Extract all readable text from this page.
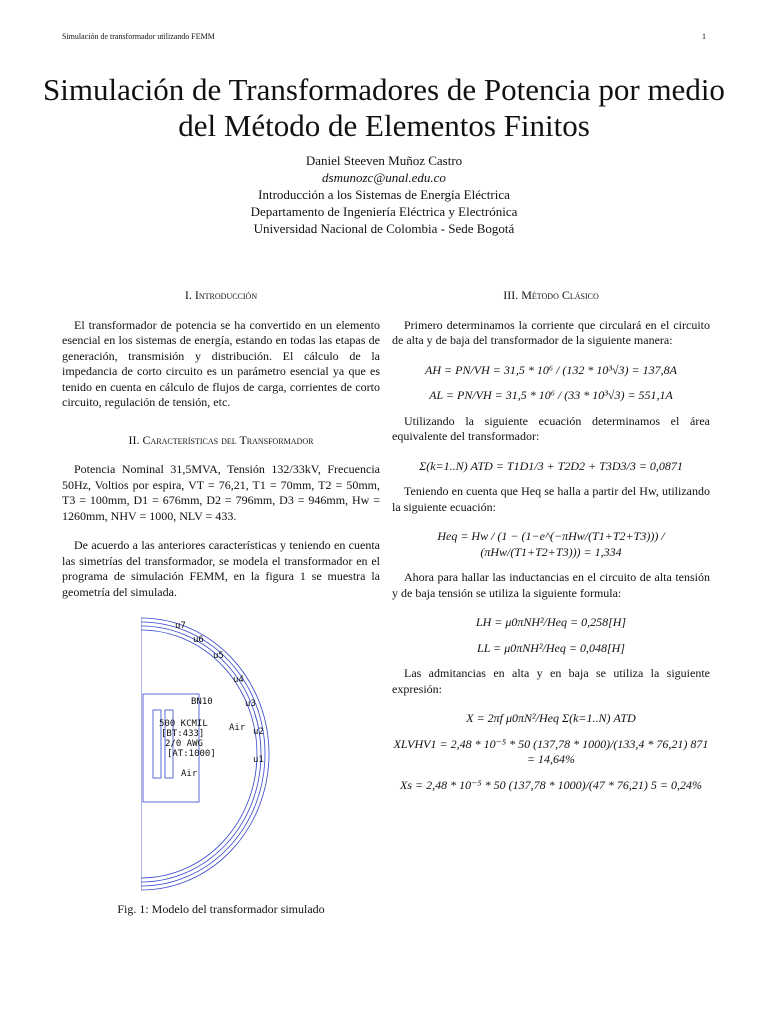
Simulación de transformador utilizando FEMM	1
Simulación de Transformadores de Potencia por medio del Método de Elementos Finitos
Daniel Steeven Muñoz Castro
dsmunozc@unal.edu.co
Introducción a los Sistemas de Energía Eléctrica
Departamento de Ingeniería Eléctrica y Electrónica
Universidad Nacional de Colombia - Sede Bogotá
I. Introducción

El transformador de potencia se ha convertido en un elemento esencial en los sistemas de energía, estando en todas las etapas de generación, transmisión y distribución. El cálculo de la impedancia de corto circuito es un parámetro esencial ya que es tenido en cuenta en cálculo de flujos de carga, corrientes de corto circuito, regulación de tensión, etc.

II. Características del Transformador

Potencia Nominal 31,5MVA, Tensión 132/33kV, Frecuencia 50Hz, Voltios por espira, VT = 76,21, T1 = 70mm, T2 = 50mm, T3 = 100mm, D1 = 676mm, D2 = 796mm, D3 = 946mm, Hw = 1260mm, NHV = 1000, NLV = 433.

De acuerdo a las anteriores características y teniendo en cuenta las simetrías del transformador, se modela el transformador en el programa de simulación FEMM, en la figura 1 se muestra la geometría del simulada.

u7
u6
u5
u4
u3
u2
u1
BN10
500 KCMIL
[BT:433]
2/0 AWG
[AT:1000]
Air
Air
Fig. 1: Modelo del transformador simulado
III. Método Clásico

Primero determinamos la corriente que circulará en el circuito de alta y de baja del transformador de la siguiente manera:

AH = PN/VH = 31,5 * 10⁶ / (132 * 10³√3) = 137,8A
AL = PN/VH = 31,5 * 10⁶ / (33 * 10³√3) = 551,1A

Utilizando la siguiente ecuación determinamos el área equivalente del transformador:

Σ(k=1..N) ATD = T1D1/3 + T2D2 + T3D3/3 = 0,0871

Teniendo en cuenta que Heq se halla a partir del Hw, utilizando la siguiente ecuación:

Heq = Hw / (1 − (1−e^(−πHw/(T1+T2+T3))) / (πHw/(T1+T2+T3))) = 1,334

Ahora para hallar las inductancias en el circuito de alta tensión y de baja tensión se utiliza la siguiente formula:

LH = μ0πNH²/Heq = 0,258[H]
LL = μ0πNH²/Heq = 0,048[H]

Las admitancias en alta y en baja se utiliza la siguiente expresión:

X = 2πf μ0πN²/Heq Σ(k=1..N) ATD
XLVHV1 = 2,48 * 10⁻⁵ * 50 (137,78 * 1000)/(133,4 * 76,21) 871 = 14,64%
Xs = 2,48 * 10⁻⁵ * 50 (137,78 * 1000)/(47 * 76,21) 5 = 0,24%
